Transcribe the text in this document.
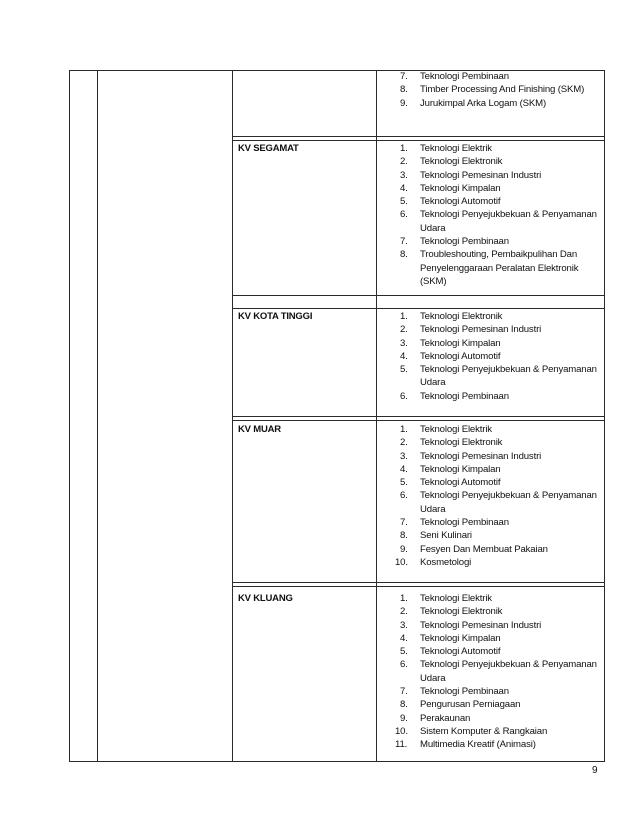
7. Teknologi Pembinaan
8. Timber Processing And Finishing (SKM)
9. Jurukimpal Arka Logam (SKM)
KV SEGAMAT	1. Teknologi Elektrik
2. Teknologi Elektronik
3. Teknologi Pemesinan Industri
4. Teknologi Kimpalan
5. Teknologi Automotif
6. Teknologi Penyejukbekuan & Penyamanan Udara
7. Teknologi Pembinaan
8. Troubleshouting, Pembaikpulihan Dan Penyelenggaraan Peralatan Elektronik (SKM)
KV KOTA TINGGI	1. Teknologi Elektronik
2. Teknologi Pemesinan Industri
3. Teknologi Kimpalan
4. Teknologi Automotif
5. Teknologi Penyejukbekuan & Penyamanan Udara
6. Teknologi Pembinaan
KV MUAR	1. Teknologi Elektrik
2. Teknologi Elektronik
3. Teknologi Pemesinan Industri
4. Teknologi Kimpalan
5. Teknologi Automotif
6. Teknologi Penyejukbekuan & Penyamanan Udara
7. Teknologi Pembinaan
8. Seni Kulinari
9. Fesyen Dan Membuat Pakaian
10. Kosmetologi
KV KLUANG	1. Teknologi Elektrik
2. Teknologi Elektronik
3. Teknologi Pemesinan Industri
4. Teknologi Kimpalan
5. Teknologi Automotif
6. Teknologi Penyejukbekuan & Penyamanan Udara
7. Teknologi Pembinaan
8. Pengurusan Perniagaan
9. Perakaunan
10. Sistem Komputer & Rangkaian
11. Multimedia Kreatif (Animasi)
9
